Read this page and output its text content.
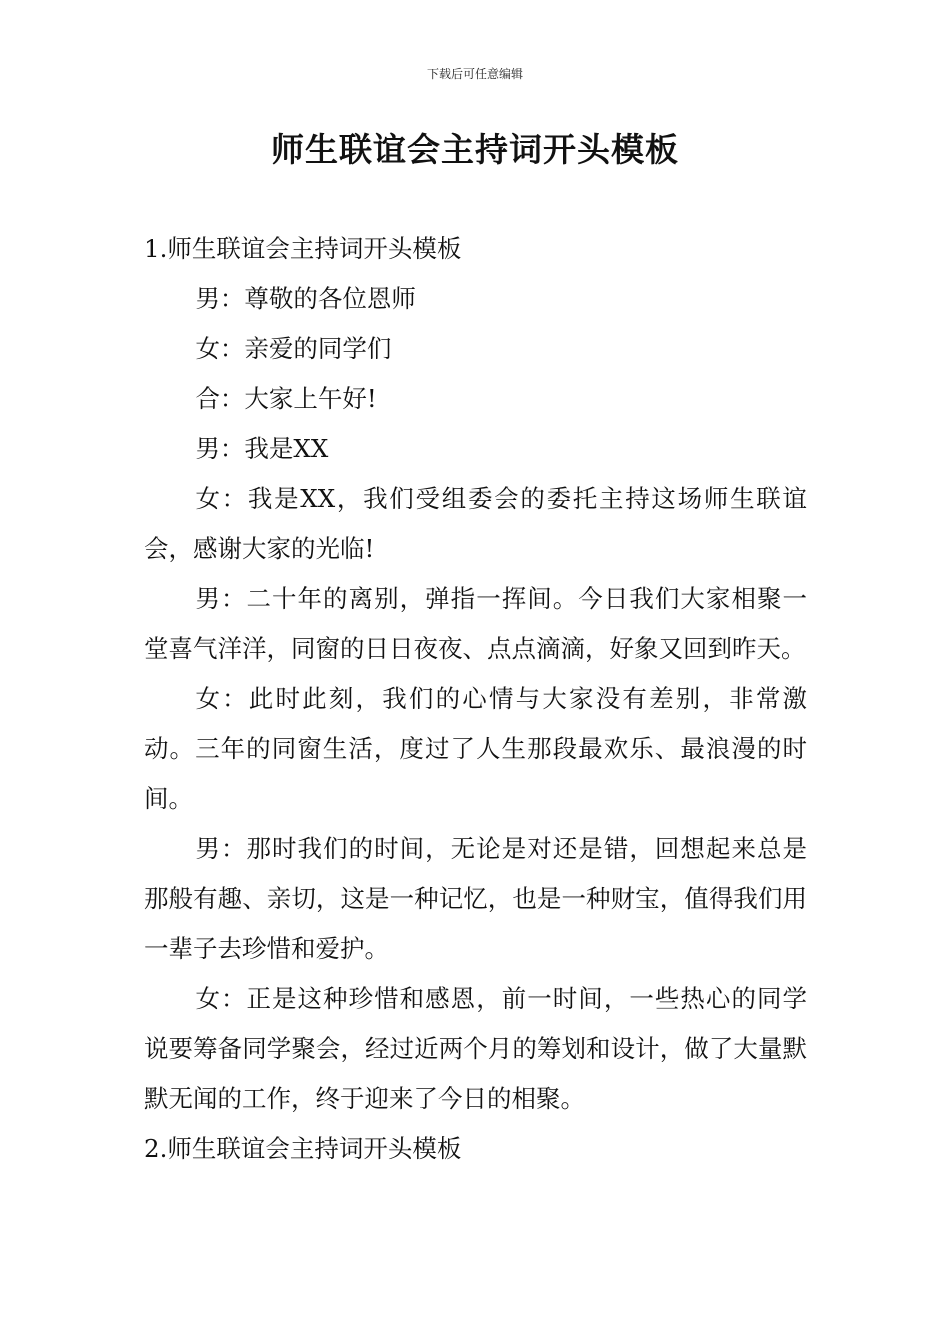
下载后可任意编辑
师生联谊会主持词开头模板

1.师生联谊会主持词开头模板

男：尊敬的各位恩师

女：亲爱的同学们

合：大家上午好!

男：我是XX

女：我是XX，我们受组委会的委托主持这场师生联谊会，感谢大家的光临!

男：二十年的离别，弹指一挥间。今日我们大家相聚一堂喜气洋洋，同窗的日日夜夜、点点滴滴，好象又回到昨天。

女：此时此刻，我们的心情与大家没有差别，非常激动。三年的同窗生活，度过了人生那段最欢乐、最浪漫的时间。

男：那时我们的时间，无论是对还是错，回想起来总是那般有趣、亲切，这是一种记忆，也是一种财宝，值得我们用一辈子去珍惜和爱护。

女：正是这种珍惜和感恩，前一时间，一些热心的同学说要筹备同学聚会，经过近两个月的筹划和设计，做了大量默默无闻的工作，终于迎来了今日的相聚。

2.师生联谊会主持词开头模板
